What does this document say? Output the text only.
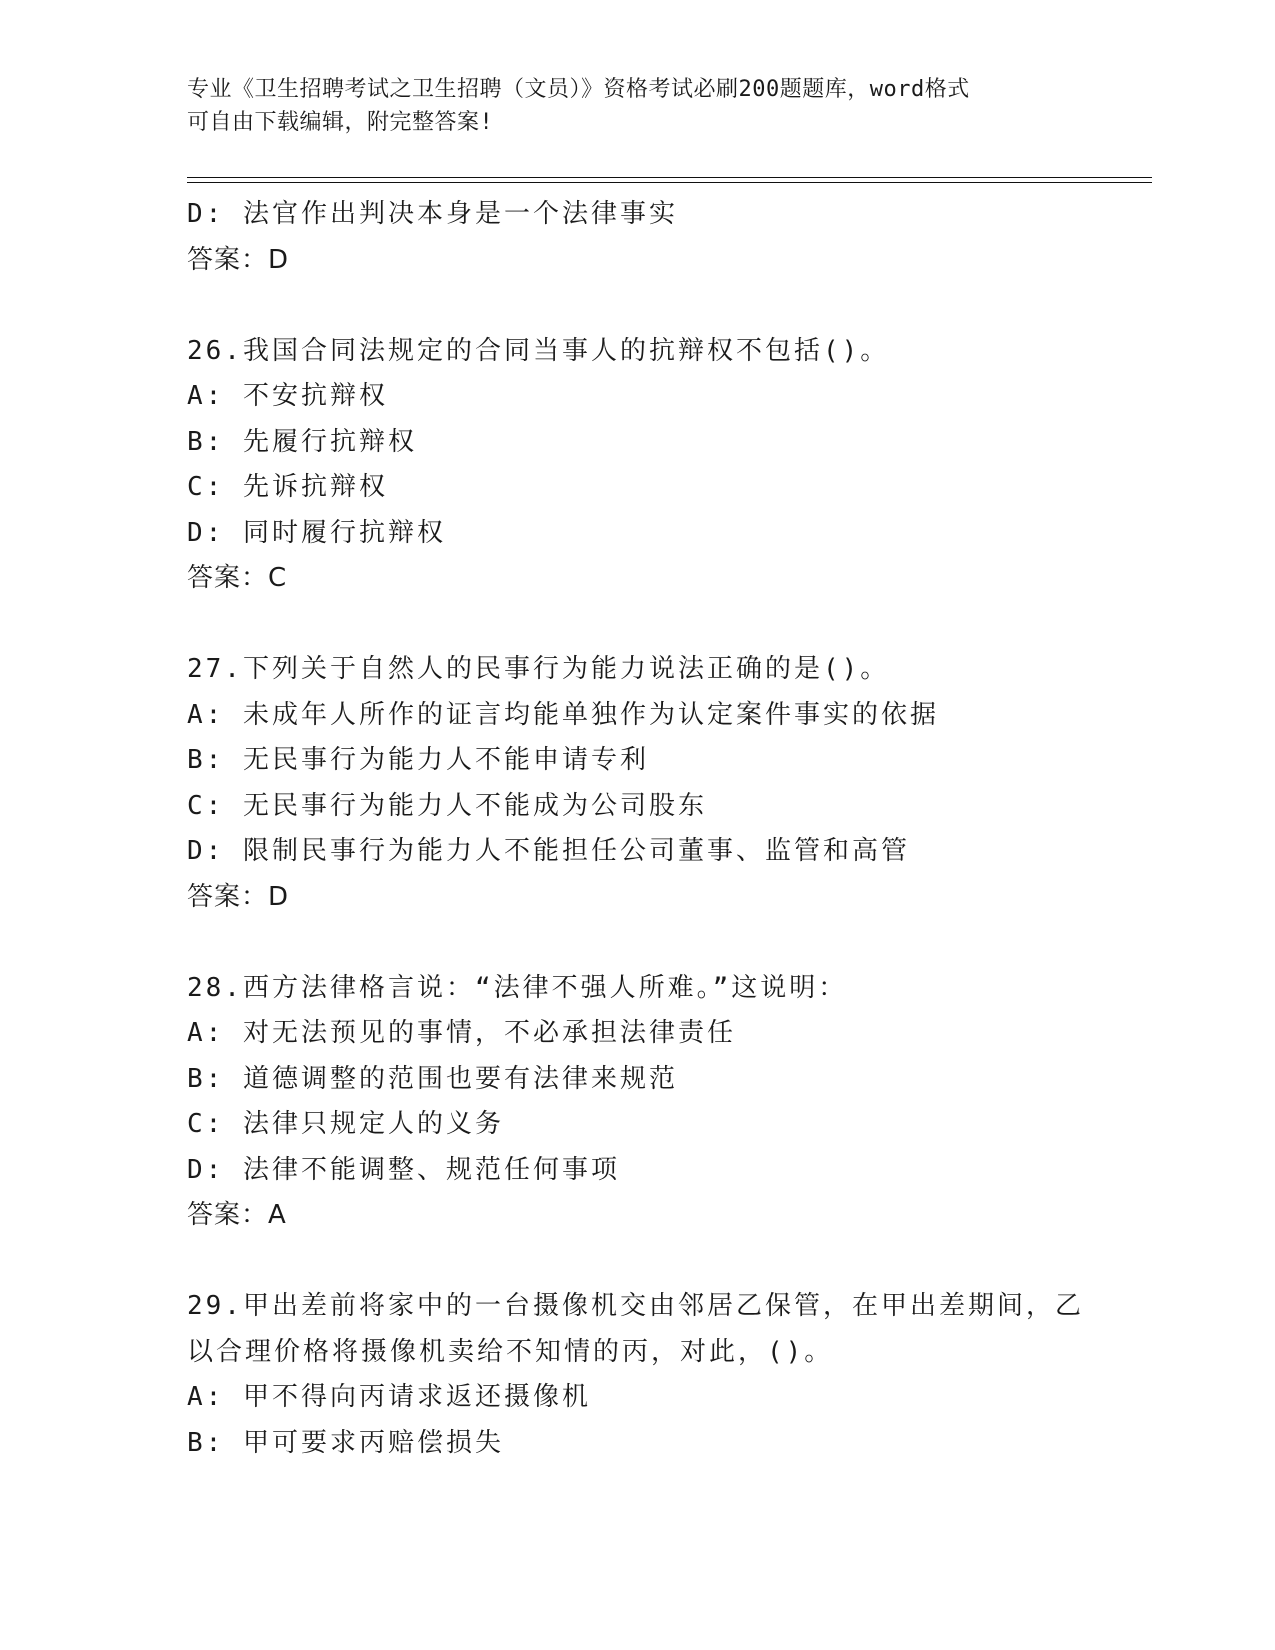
专业《卫生招聘考试之卫生招聘（文员）》资格考试必刷200题题库，word格式
可自由下载编辑，附完整答案!
D: 法官作出判决本身是一个法律事实
答案：D
26.我国合同法规定的合同当事人的抗辩权不包括()。
A: 不安抗辩权
B: 先履行抗辩权
C: 先诉抗辩权
D: 同时履行抗辩权
答案：C
27.下列关于自然人的民事行为能力说法正确的是()。
A: 未成年人所作的证言均能单独作为认定案件事实的依据
B: 无民事行为能力人不能申请专利
C: 无民事行为能力人不能成为公司股东
D: 限制民事行为能力人不能担任公司董事、监管和高管
答案：D
28.西方法律格言说：“法律不强人所难。”这说明：
A: 对无法预见的事情，不必承担法律责任
B: 道德调整的范围也要有法律来规范
C: 法律只规定人的义务
D: 法律不能调整、规范任何事项
答案：A
29.甲出差前将家中的一台摄像机交由邻居乙保管，在甲出差期间，乙
以合理价格将摄像机卖给不知情的丙，对此，()。
A: 甲不得向丙请求返还摄像机
B: 甲可要求丙赔偿损失
